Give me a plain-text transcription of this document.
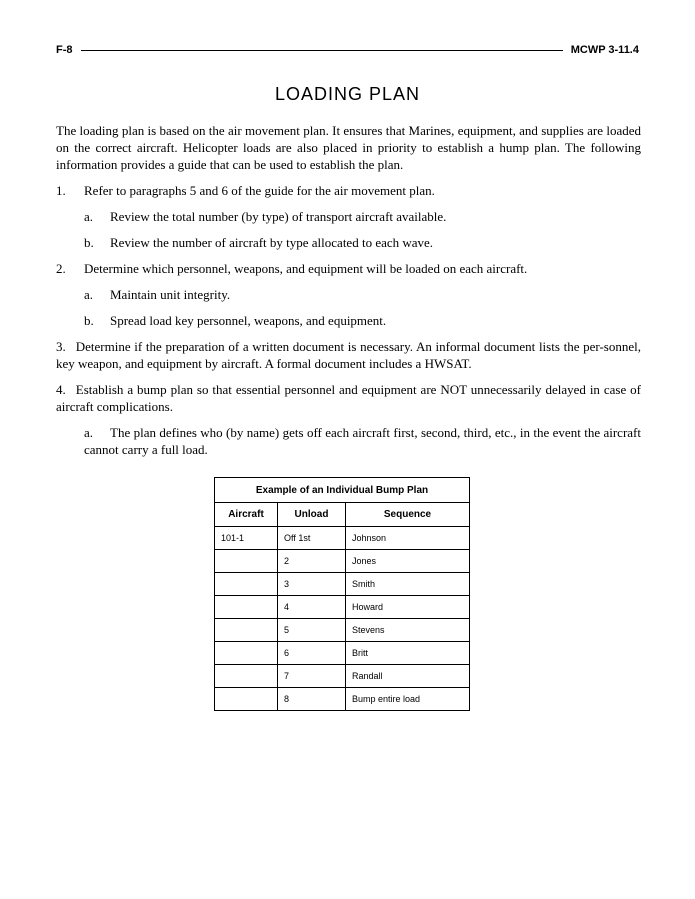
F-8	MCWP 3-11.4
LOADING PLAN

The loading plan is based on the air movement plan. It ensures that Marines, equipment, and supplies are loaded on the correct aircraft. Helicopter loads are also placed in priority to establish a hump plan. The following information provides a guide that can be used to establish the plan.

1.	Refer to paragraphs 5 and 6 of the guide for the air movement plan.

a.	Review the total number (by type) of transport aircraft available.

b.	Review the number of aircraft by type allocated to each wave.

2.	Determine which personnel, weapons, and equipment will be loaded on each aircraft.

a.	Maintain unit integrity.

b.	Spread load key personnel, weapons, and equipment.

3. Determine if the preparation of a written document is necessary. An informal document lists the per-sonnel, key weapon, and equipment by aircraft. A formal document includes a HWSAT.

4. Establish a bump plan so that essential personnel and equipment are NOT unnecessarily delayed in case of aircraft complications.

a. The plan defines who (by name) gets off each aircraft first, second, third, etc., in the event the aircraft cannot carry a full load.

Example of an Individual Bump Plan		
Aircraft	Unload	Sequence
101-1	Off 1st	Johnson
	2	Jones
	3	Smith
	4	Howard
	5	Stevens
	6	Britt
	7	Randall
	8	Bump entire load
